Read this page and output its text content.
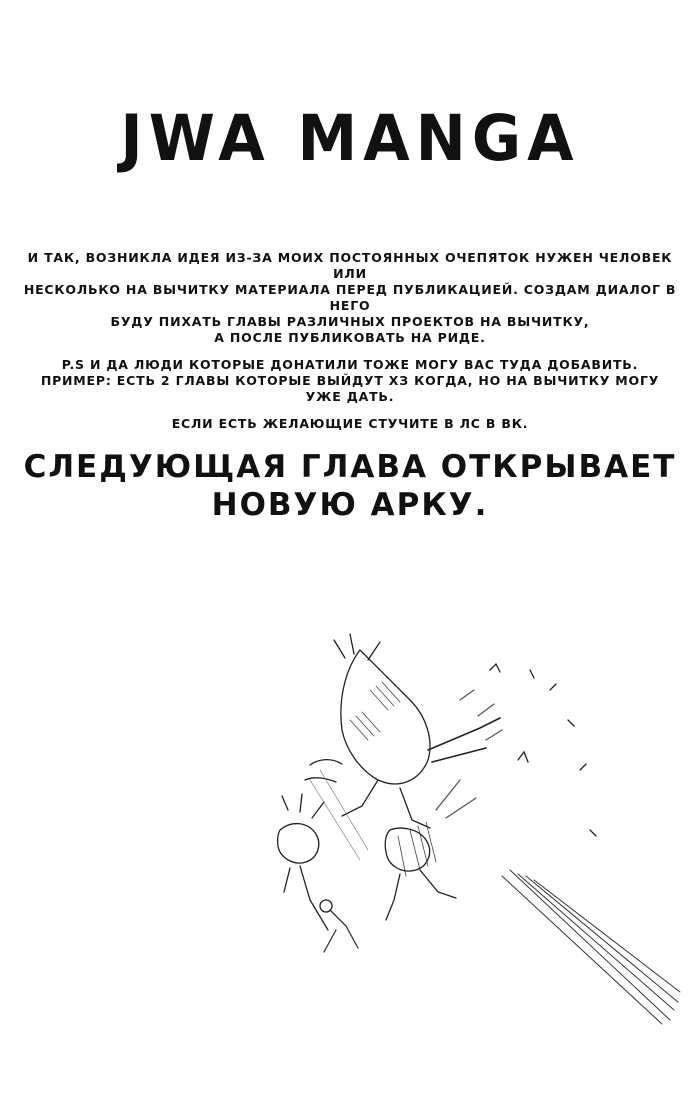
JWA MANGA

И ТАК, ВОЗНИКЛА ИДЕЯ ИЗ-ЗА МОИХ ПОСТОЯННЫХ ОЧЕПЯТОК НУЖЕН ЧЕЛОВЕК ИЛИ
НЕСКОЛЬКО НА ВЫЧИТКУ МАТЕРИАЛА ПЕРЕД ПУБЛИКАЦИЕЙ. СОЗДАМ ДИАЛОГ В НЕГО
БУДУ ПИХАТЬ ГЛАВЫ РАЗЛИЧНЫХ ПРОЕКТОВ НА ВЫЧИТКУ,
А ПОСЛЕ ПУБЛИКОВАТЬ НА РИДЕ.

P.S И ДА ЛЮДИ КОТОРЫЕ ДОНАТИЛИ ТОЖЕ МОГУ ВАС ТУДА ДОБАВИТЬ.
ПРИМЕР: ЕСТЬ 2 ГЛАВЫ КОТОРЫЕ ВЫЙДУТ ХЗ КОГДА, НО НА ВЫЧИТКУ МОГУ
УЖЕ ДАТЬ.

ЕСЛИ ЕСТЬ ЖЕЛАЮЩИЕ СТУЧИТЕ В ЛС В ВК.

СЛЕДУЮЩАЯ ГЛАВА ОТКРЫВАЕТ
НОВУЮ АРКУ.
